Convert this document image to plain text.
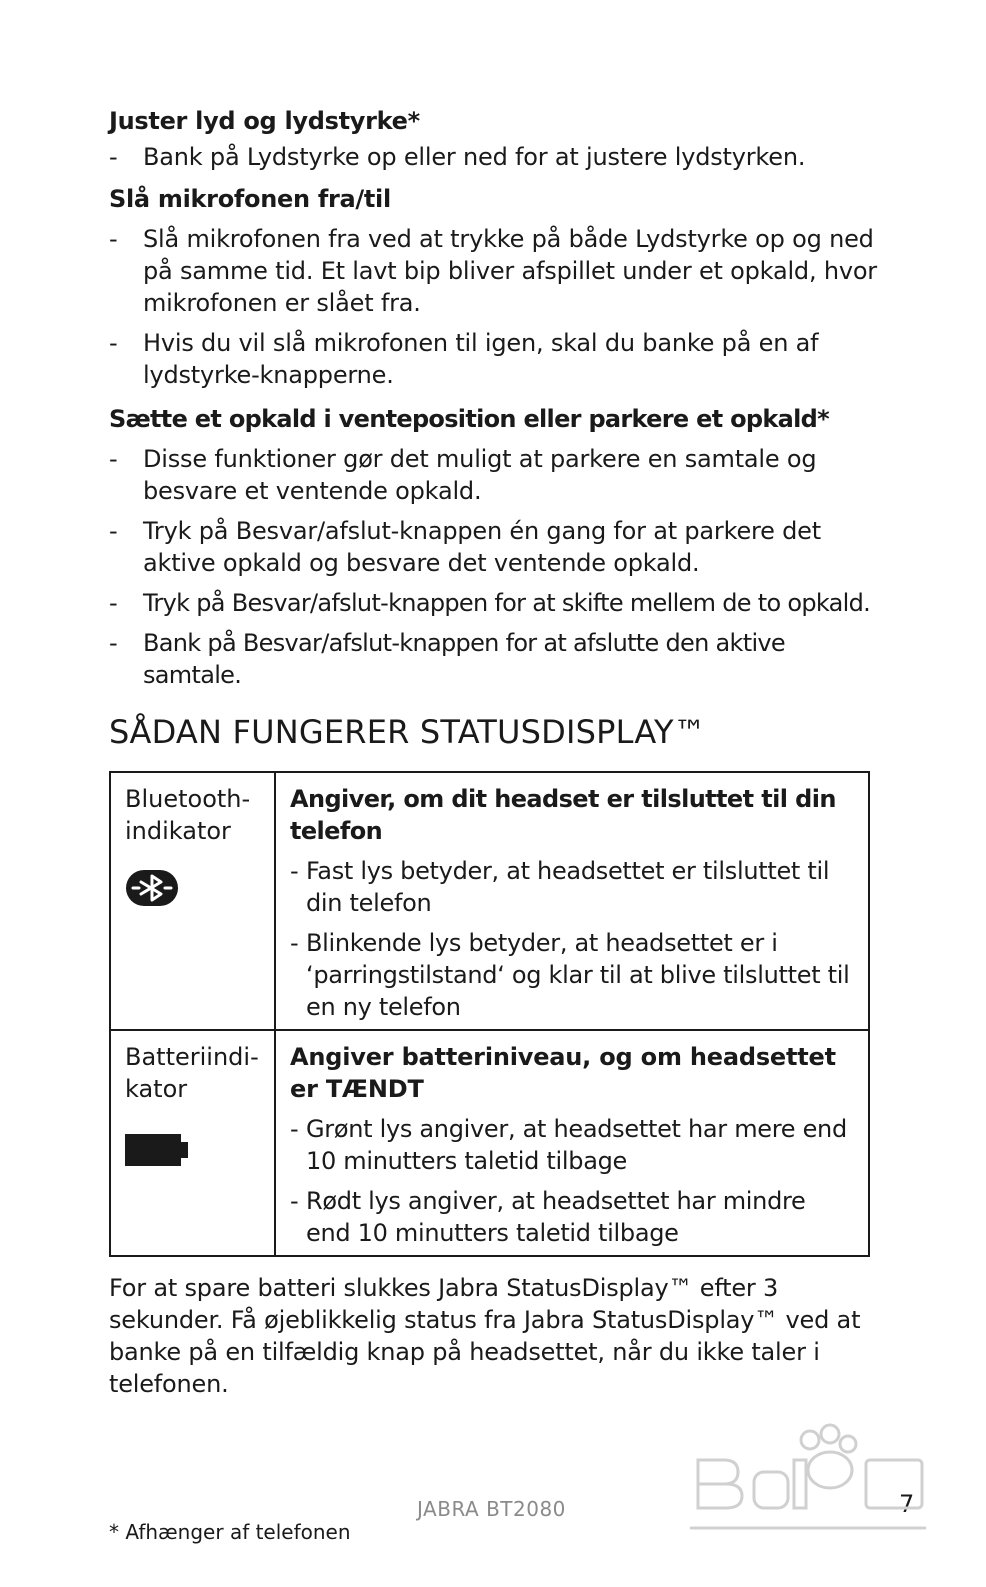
Juster lyd og lydstyrke*
- Bank på Lydstyrke op eller ned for at justere lydstyrken.
Slå mikrofonen fra/til
- Slå mikrofonen fra ved at trykke på både Lydstyrke op og ned på samme tid. Et lavt bip bliver afspillet under et opkald, hvor mikrofonen er slået fra.
- Hvis du vil slå mikrofonen til igen, skal du banke på en af lydstyrke-knapperne.
Sætte et opkald i venteposition eller parkere et opkald*
- Disse funktioner gør det muligt at parkere en samtale og besvare et ventende opkald.
- Tryk på Besvar/afslut-knappen én gang for at parkere det aktive opkald og besvare det ventende opkald.
- Tryk på Besvar/afslut-knappen for at skifte mellem de to opkald.
- Bank på Besvar/afslut-knappen for at afslutte den aktive samtale.
SÅDAN FUNGERER STATUSDISPLAY™
Bluetooth-indikator	Angiver, om dit headset er tilsluttet til din telefon
- Fast lys betyder, at headsettet er tilsluttet til din telefon
- Blinkende lys betyder, at headsettet er i ‘parringstilstand‘ og klar til at blive tilsluttet til en ny telefon

Batteriindi-kator	Angiver batteriniveau, og om headsettet er TÆNDT
- Grønt lys angiver, at headsettet har mere end 10 minutters taletid tilbage
- Rødt lys angiver, at headsettet har mindre end 10 minutters taletid tilbage
For at spare batteri slukkes Jabra StatusDisplay™ efter 3 sekunder. Få øjeblikkelig status fra Jabra StatusDisplay™ ved at banke på en tilfældig knap på headsettet, når du ikke taler i telefonen.
JABRA BT2080	7
* Afhænger af telefonen
